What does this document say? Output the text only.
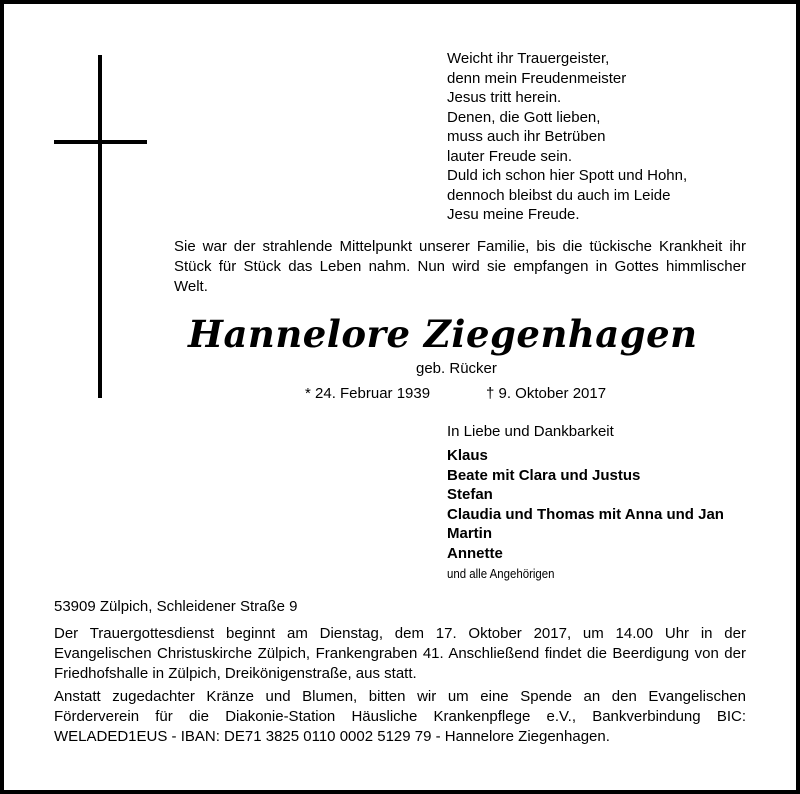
Weicht ihr Trauergeister,
denn mein Freudenmeister
Jesus tritt herein.
Denen, die Gott lieben,
muss auch ihr Betrüben
lauter Freude sein.
Duld ich schon hier Spott und Hohn,
dennoch bleibst du auch im Leide
Jesu meine Freude.

Sie war der strahlende Mittelpunkt unserer Familie, bis die tückische Krankheit ihr Stück für Stück das Leben nahm. Nun wird sie empfangen in Gottes himmlischer Welt.

Hannelore Ziegenhagen
geb. Rücker
* 24. Februar 1939	† 9. Oktober 2017
In Liebe und Dankbarkeit
Klaus
Beate mit Clara und Justus
Stefan
Claudia und Thomas mit Anna und Jan
Martin
Annette
und alle Angehörigen
53909 Zülpich, Schleidener Straße 9

Der Trauergottesdienst beginnt am Dienstag, dem 17. Oktober 2017, um 14.00 Uhr in der Evangelischen Christuskirche Zülpich, Frankengraben 41. Anschließend findet die Beerdigung von der Friedhofshalle in Zülpich, Dreikönigenstraße, aus statt.

Anstatt zugedachter Kränze und Blumen, bitten wir um eine Spende an den Evangelischen Förderverein für die Diakonie-Station Häusliche Krankenpflege e.V., Bankverbindung BIC: WELADED1EUS - IBAN: DE71 3825 0110 0002 5129 79 - Hannelore Ziegenhagen.
